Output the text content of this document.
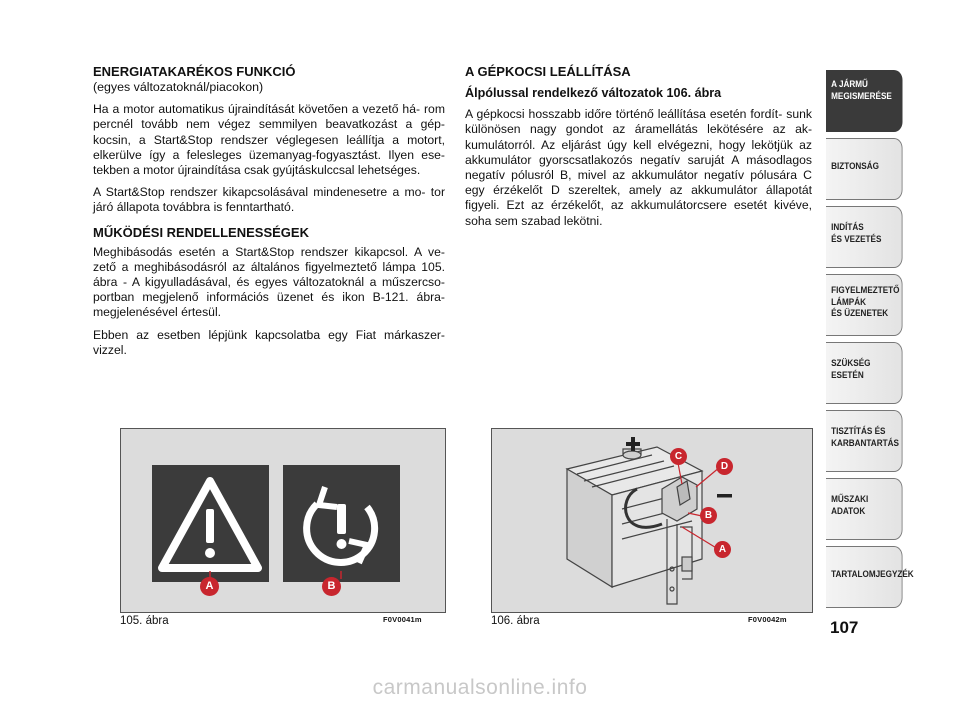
ENERGIATAKARÉKOS FUNKCIÓ
(egyes változatoknál/piacokon)

Ha a motor automatikus újraindítását követően a vezető há- rom percnél tovább nem végez semmilyen beavatkozást a gép- kocsin, a Start&Stop rendszer véglegesen leállítja a motort, elkerülve így a felesleges üzemanyag-fogyasztást. Ilyen ese- tekben a motor újraindítása csak gyújtáskulccsal lehetséges.

A Start&Stop rendszer kikapcsolásával mindenesetre a mo- tor járó állapota továbbra is fenntartható.

MŰKÖDÉSI RENDELLENESSÉGEK

Meghibásodás esetén a Start&Stop rendszer kikapcsol. A ve- zető a meghibásodásról az általános figyelmeztető lámpa 105. ábra - A kigyulladásával, és egyes változatoknál a műszercso- portban megjelenő információs üzenet és ikon B-121. ábra- megjelenésével értesül.

Ebben az esetben lépjünk kapcsolatba egy Fiat márkaszer- vizzel.

A GÉPKOCSI LEÁLLÍTÁSA
Álpólussal rendelkező változatok 106. ábra

A gépkocsi hosszabb időre történő leállítása esetén fordít- sunk különösen nagy gondot az áramellátás lekötésére az ak- kumulátorról. Az eljárást úgy kell elvégezni, hogy lekötjük az akkumulátor gyorscsatlakozós negatív saruját A másodlagos negatív pólusról B, mivel az akkumulátor negatív pólusára C egy érzékelőt D szereltek, amely az akkumulátor állapotát figyeli. Ezt az érzékelőt, az akkumulátorcsere esetét kivéve, soha sem szabad lekötni.

A	B
105. ábra	F0V0041m
C
D
B
A
106. ábra	F0V0042m
A JÁRMŰ
MEGISMERÉSE
BIZTONSÁG
INDÍTÁS
ÉS VEZETÉS
FIGYELMEZTETŐ
LÁMPÁK
ÉS ÜZENETEK
SZÜKSÉG
ESETÉN
TISZTÍTÁS ÉS
KARBANTARTÁS
MŰSZAKI
ADATOK
TARTALOMJEGYZÉK
107
carmanualsonline.info
